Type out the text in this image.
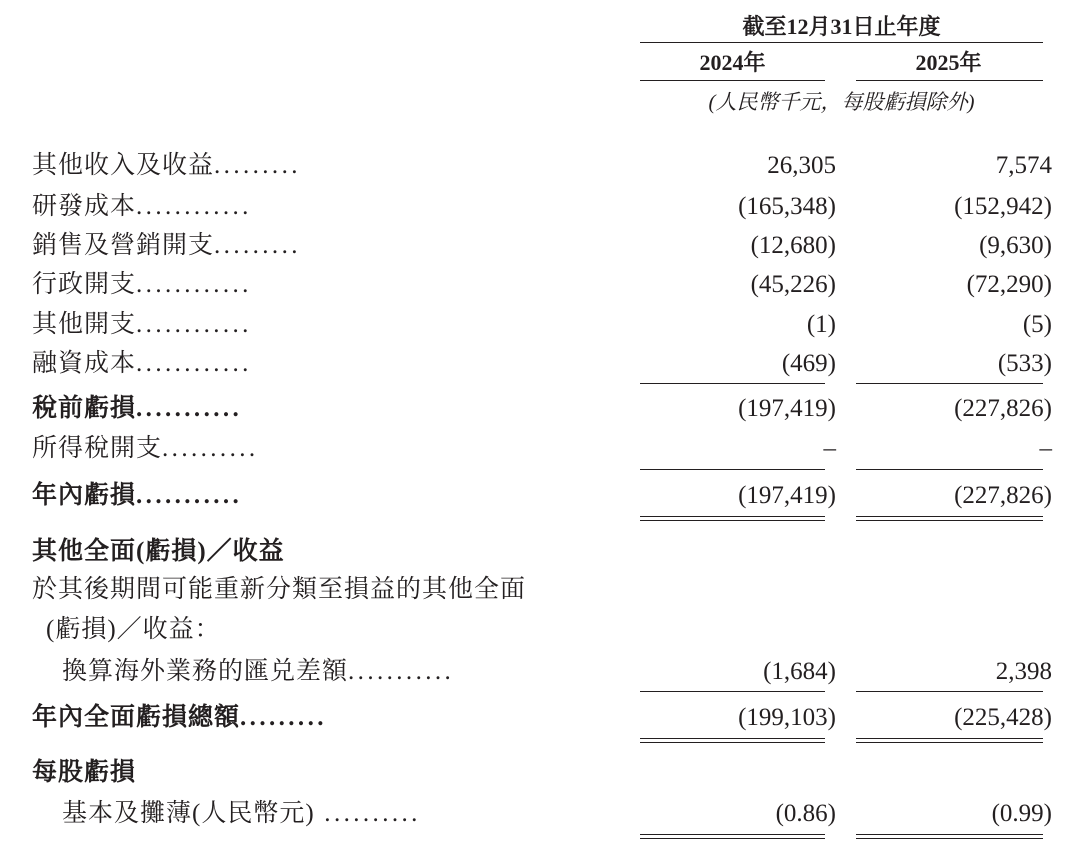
截至12月31日止年度
2024年	2025年
(人民幣千元，每股虧損除外)
其他收入及收益.........	26,305	7,574
研發成本............	(165,348)	(152,942)
銷售及營銷開支.........	(12,680)	(9,630)
行政開支............	(45,226)	(72,290)
其他開支............	(1)	(5)
融資成本............	(469)	(533)
稅前虧損...........	(197,419)	(227,826)
所得稅開支..........	–	–
年內虧損...........	(197,419)	(227,826)
其他全面(虧損)／收益
於其後期間可能重新分類至損益的其他全面
(虧損)／收益：
換算海外業務的匯兑差額...........	(1,684)	2,398
年內全面虧損總額.........	(199,103)	(225,428)
每股虧損
基本及攤薄(人民幣元) ..........	(0.86)	(0.99)
